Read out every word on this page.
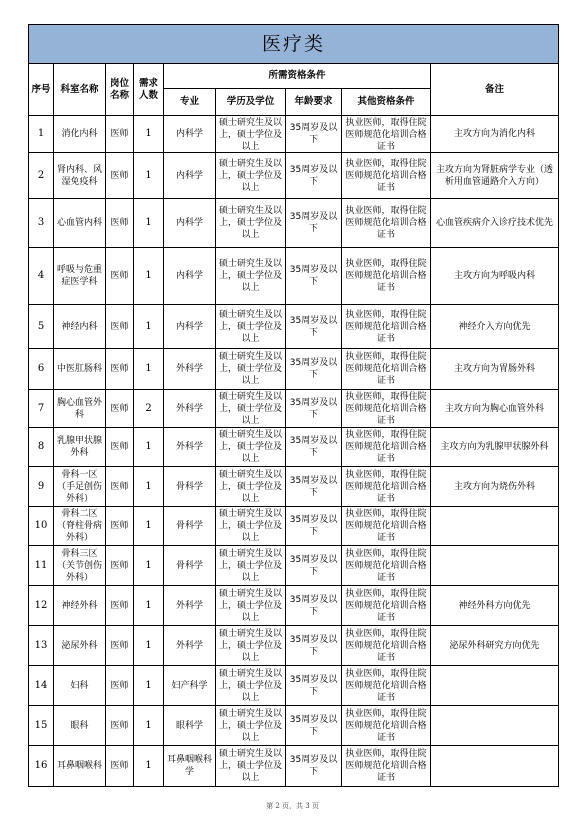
医疗类								
序号	科室名称	岗位名称	需求人数	所需资格条件				备注
				专业	学历及学位	年龄要求	其他资格条件	
1	消化内科	医师	1	内科学	硕士研究生及以上，硕士学位及以上	35周岁及以下	执业医师，取得住院医师规范化培训合格证书	主攻方向为消化内科
2	肾内科、风湿免疫科	医师	1	内科学	硕士研究生及以上，硕士学位及以上	35周岁及以下	执业医师，取得住院医师规范化培训合格证书	主攻方向为肾脏病学专业（透析用血管通路介入方向）
3	心血管内科	医师	1	内科学	硕士研究生及以上，硕士学位及以上	35周岁及以下	执业医师，取得住院医师规范化培训合格证书	心血管疾病介入诊疗技术优先
4	呼吸与危重症医学科	医师	1	内科学	硕士研究生及以上，硕士学位及以上	35周岁及以下	执业医师，取得住院医师规范化培训合格证书	主攻方向为呼吸内科
5	神经内科	医师	1	内科学	硕士研究生及以上，硕士学位及以上	35周岁及以下	执业医师，取得住院医师规范化培训合格证书	神经介入方向优先
6	中医肛肠科	医师	1	外科学	硕士研究生及以上，硕士学位及以上	35周岁及以下	执业医师，取得住院医师规范化培训合格证书	主攻方向为胃肠外科
7	胸心血管外科	医师	2	外科学	硕士研究生及以上，硕士学位及以上	35周岁及以下	执业医师，取得住院医师规范化培训合格证书	主攻方向为胸心血管外科
8	乳腺甲状腺外科	医师	1	外科学	硕士研究生及以上，硕士学位及以上	35周岁及以下	执业医师，取得住院医师规范化培训合格证书	主攻方向为乳腺甲状腺外科
9	骨科一区（手足创伤外科）	医师	1	骨科学	硕士研究生及以上，硕士学位及以上	35周岁及以下	执业医师，取得住院医师规范化培训合格证书	主攻方向为烧伤外科
10	骨科二区（脊柱骨病外科）	医师	1	骨科学	硕士研究生及以上，硕士学位及以上	35周岁及以下	执业医师，取得住院医师规范化培训合格证书	

11	骨科三区（关节创伤外科）	医师	1	骨科学	硕士研究生及以上，硕士学位及以上	35周岁及以下	执业医师，取得住院医师规范化培训合格证书	

12	神经外科	医师	1	外科学	硕士研究生及以上，硕士学位及以上	35周岁及以下	执业医师，取得住院医师规范化培训合格证书	神经外科方向优先
13	泌尿外科	医师	1	外科学	硕士研究生及以上，硕士学位及以上	35周岁及以下	执业医师，取得住院医师规范化培训合格证书	泌尿外科研究方向优先
14	妇科	医师	1	妇产科学	硕士研究生及以上，硕士学位及以上	35周岁及以下	执业医师，取得住院医师规范化培训合格证书	

15	眼科	医师	1	眼科学	硕士研究生及以上，硕士学位及以上	35周岁及以下	执业医师，取得住院医师规范化培训合格证书	

16	耳鼻咽喉科	医师	1	耳鼻咽喉科学	硕士研究生及以上，硕士学位及以上	35周岁及以下	执业医师，取得住院医师规范化培训合格证书	

第 2 页，共 3 页
